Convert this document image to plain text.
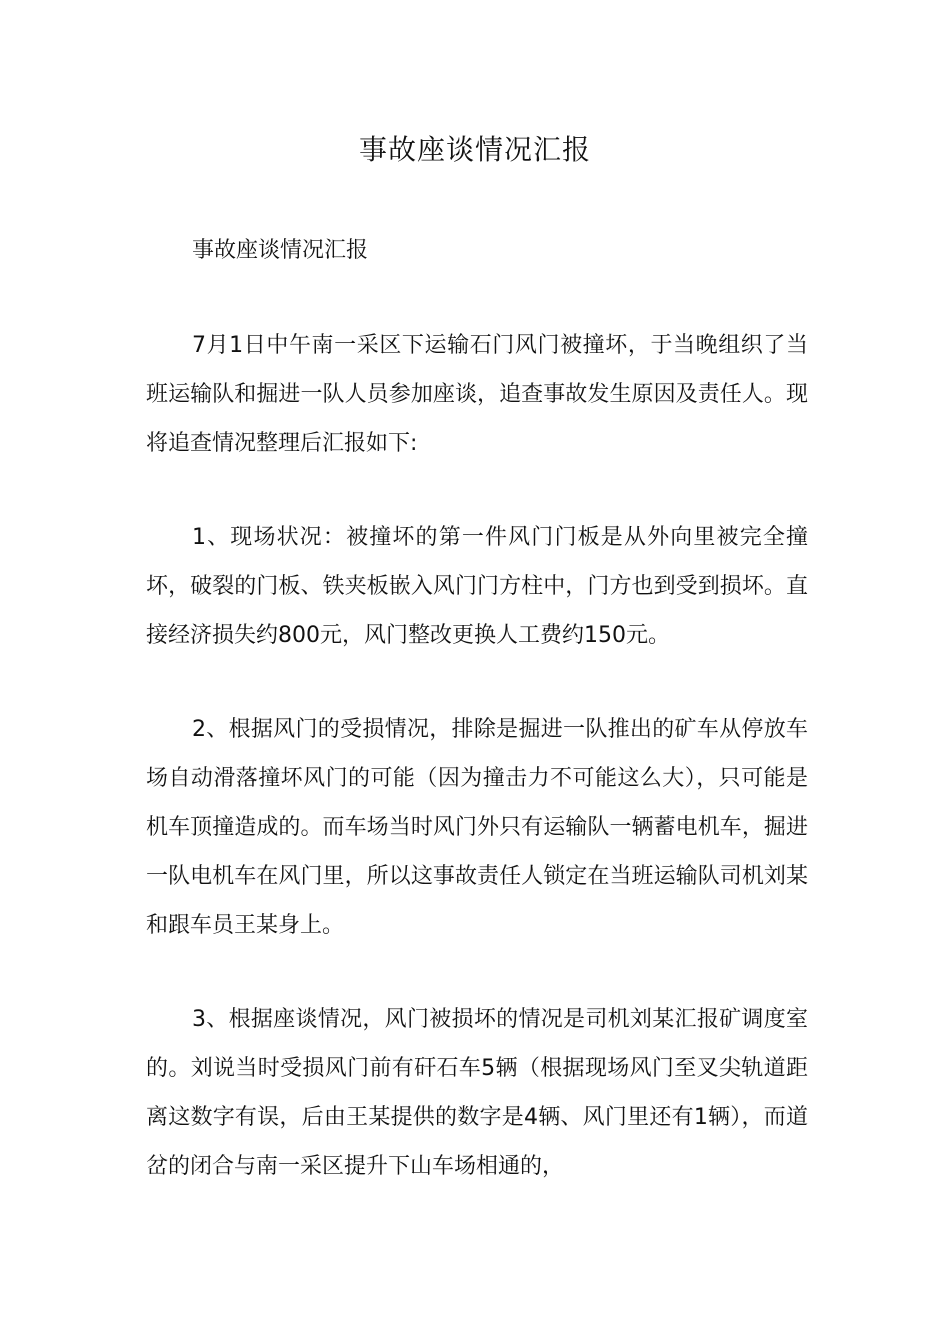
事故座谈情况汇报

事故座谈情况汇报

7月1日中午南一采区下运输石门风门被撞坏，于当晚组织了当班运输队和掘进一队人员参加座谈，追查事故发生原因及责任人。现将追查情况整理后汇报如下:

1、现场状况：被撞坏的第一件风门门板是从外向里被完全撞坏，破裂的门板、铁夹板嵌入风门门方柱中，门方也到受到损坏。直接经济损失约800元，风门整改更换人工费约150元。

2、根据风门的受损情况，排除是掘进一队推出的矿车从停放车场自动滑落撞坏风门的可能（因为撞击力不可能这么大），只可能是机车顶撞造成的。而车场当时风门外只有运输队一辆蓄电机车，掘进一队电机车在风门里，所以这事故责任人锁定在当班运输队司机刘某和跟车员王某身上。

3、根据座谈情况，风门被损坏的情况是司机刘某汇报矿调度室的。刘说当时受损风门前有矸石车5辆（根据现场风门至叉尖轨道距离这数字有误，后由王某提供的数字是4辆、风门里还有1辆），而道岔的闭合与南一采区提升下山车场相通的，
